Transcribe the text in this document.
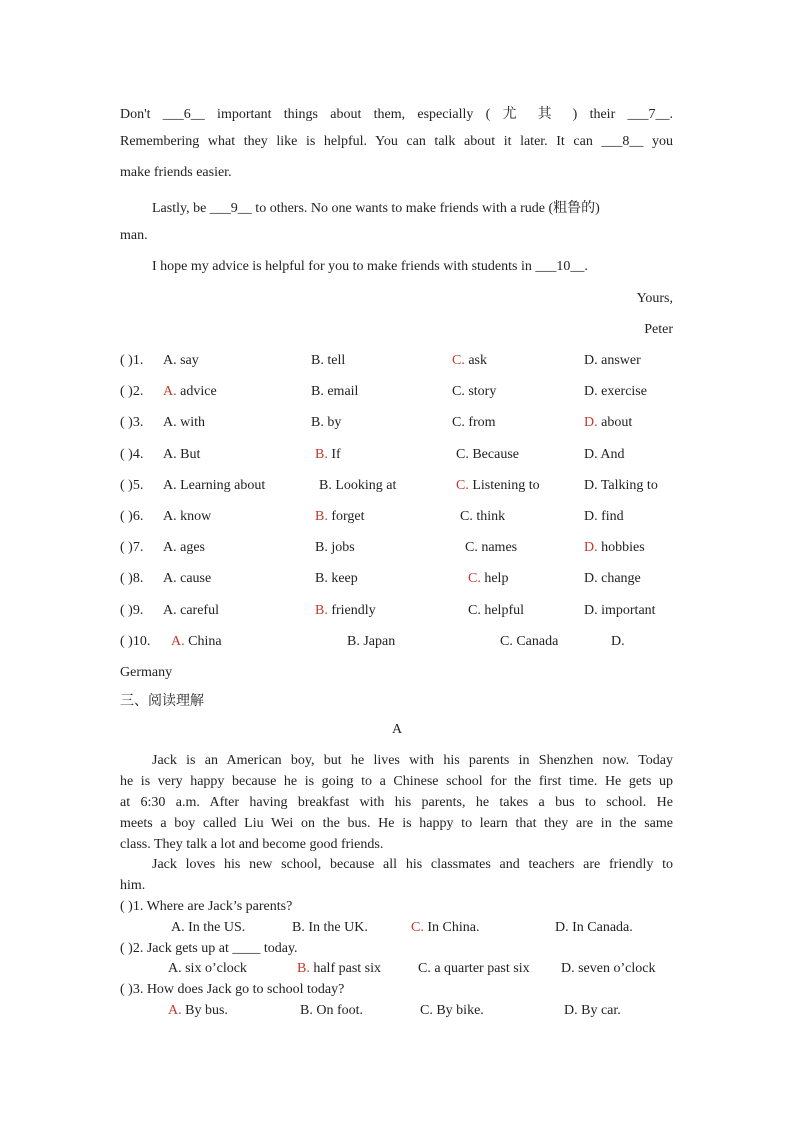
Don't ___6__ important things about them, especially ( 尤 其 ) their ___7__.
Remembering what they like is helpful. You can talk about it later. It can ___8__ you
make friends easier.
Lastly, be ___9__ to others. No one wants to make friends with a rude (粗鲁的)
man.
I hope my advice is helpful for you to make friends with students in ___10__.
Yours,
Peter
( )1. A. say	B. tell	C. ask	D. answer
( )2. A. advice	B. email	C. story	D. exercise
( )3. A. with	B. by	C. from	D. about
( )4. A. But	B. If	C. Because	D. And
( )5. A. Learning about	B. Looking at	C. Listening to	D. Talking to
( )6. A. know	B. forget	C. think	D. find
( )7. A. ages	B. jobs	C. names	D. hobbies
( )8. A. cause	B. keep	C. help	D. change
( )9. A. careful	B. friendly	C. helpful	D. important
( )10. A. China	B. Japan	C. Canada	D.
Germany
三、阅读理解
A
Jack is an American boy, but he lives with his parents in Shenzhen now. Today
he is very happy because he is going to a Chinese school for the first time. He gets up
at 6:30 a.m. After having breakfast with his parents, he takes a bus to school. He
meets a boy called Liu Wei on the bus. He is happy to learn that they are in the same
class. They talk a lot and become good friends.
Jack loves his new school, because all his classmates and teachers are friendly to
him.
( )1. Where are Jack’s parents?
A. In the US.	B. In the UK.	C. In China.	D. In Canada.
( )2. Jack gets up at ____ today.
A. six o’clock	B. half past six	C. a quarter past six D. seven o’clock
( )3. How does Jack go to school today?
A. By bus.	B. On foot.	C. By bike.	D. By car.
